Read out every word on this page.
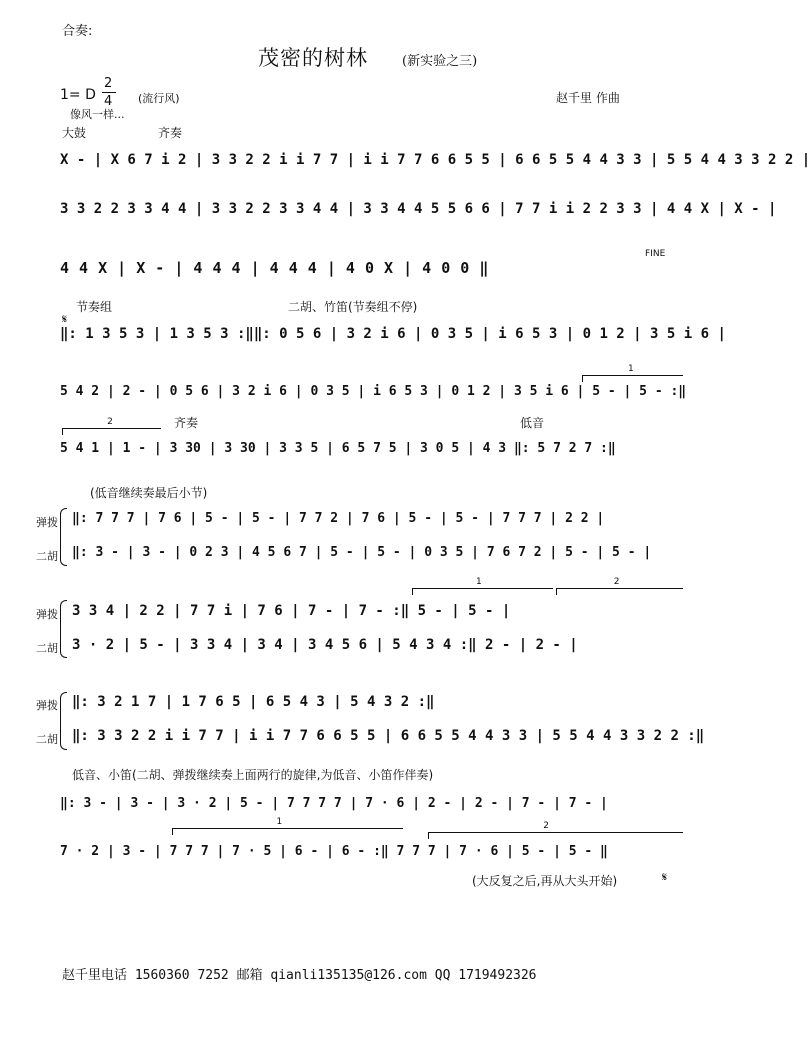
合奏:
茂密的树林	(新实验之三)
1= D
2
4 (流行风)
像风一样...
赵千里 作曲
大鼓	齐奏
X - | X 6 7 i 2 | 3 3 2 2 i i 7 7 | i i 7 7 6 6 5 5 | 6 6 5 5 4 4 3 3 | 5 5 4 4 3 3 2 2 |
3 3 2 2 3 3 4 4 | 3 3 2 2 3 3 4 4 | 3 3 4 4 5 5 6 6 | 7 7 i i 2 2 3 3 | 4 4 X | X - |
FINE
4 4 X | X - | 4 4 4 | 4 4 4 | 4 0 X | 4 0 0 ‖
节奏组	二胡、竹笛(节奏组不停)
𝄋
‖: 1 3 5 3 | 1 3 5 3 :‖‖: 0 5 6 | 3 2 i 6 | 0 3 5 | i 6 5 3 | 0 1 2 | 3 5 i 6 |
1
5 4 2 | 2 - | 0 5 6 | 3 2 i 6 | 0 3 5 | i 6 5 3 | 0 1 2 | 3 5 i 6 | 5 - | 5 - :‖
2	齐奏	低音
5 4 1 | 1 - | 3 30 | 3 30 | 3 3 5 | 6 5 7 5 | 3 0 5 | 4 3 ‖: 5 7 2 7 :‖
(低音继续奏最后小节)
弹拨
二胡
‖: 7 7 7 | 7 6 | 5 - | 5 - | 7 7 2 | 7 6 | 5 - | 5 - | 7 7 7 | 2 2 |
‖: 3 - | 3 - | 0 2 3 | 4 5 6 7 | 5 - | 5 - | 0 3 5 | 7 6 7 2 | 5 - | 5 - |
1	2
弹拨
二胡
3 3 4 | 2 2 | 7 7 i | 7 6 | 7 - | 7 - :‖ 5 - | 5 - |
3 · 2 | 5 - | 3 3 4 | 3 4 | 3 4 5 6 | 5 4 3 4 :‖ 2 - | 2 - |
弹拨
二胡
‖: 3 2 1 7 | 1 7 6 5 | 6 5 4 3 | 5 4 3 2 :‖
‖: 3 3 2 2 i i 7 7 | i i 7 7 6 6 5 5 | 6 6 5 5 4 4 3 3 | 5 5 4 4 3 3 2 2 :‖
低音、小笛(二胡、弹拨继续奏上面两行的旋律,为低音、小笛作伴奏)
‖: 3 - | 3 - | 3 · 2 | 5 - | 7 7 7 7 | 7 · 6 | 2 - | 2 - | 7 - | 7 - |
1	2
7 · 2 | 3 - | 7 7 7 | 7 · 5 | 6 - | 6 - :‖ 7 7 7 | 7 · 6 | 5 - | 5 - ‖
(大反复之后,再从大头开始)	𝄋
赵千里电话 1560360 7252 邮箱 qianli135135@126.com QQ 1719492326
